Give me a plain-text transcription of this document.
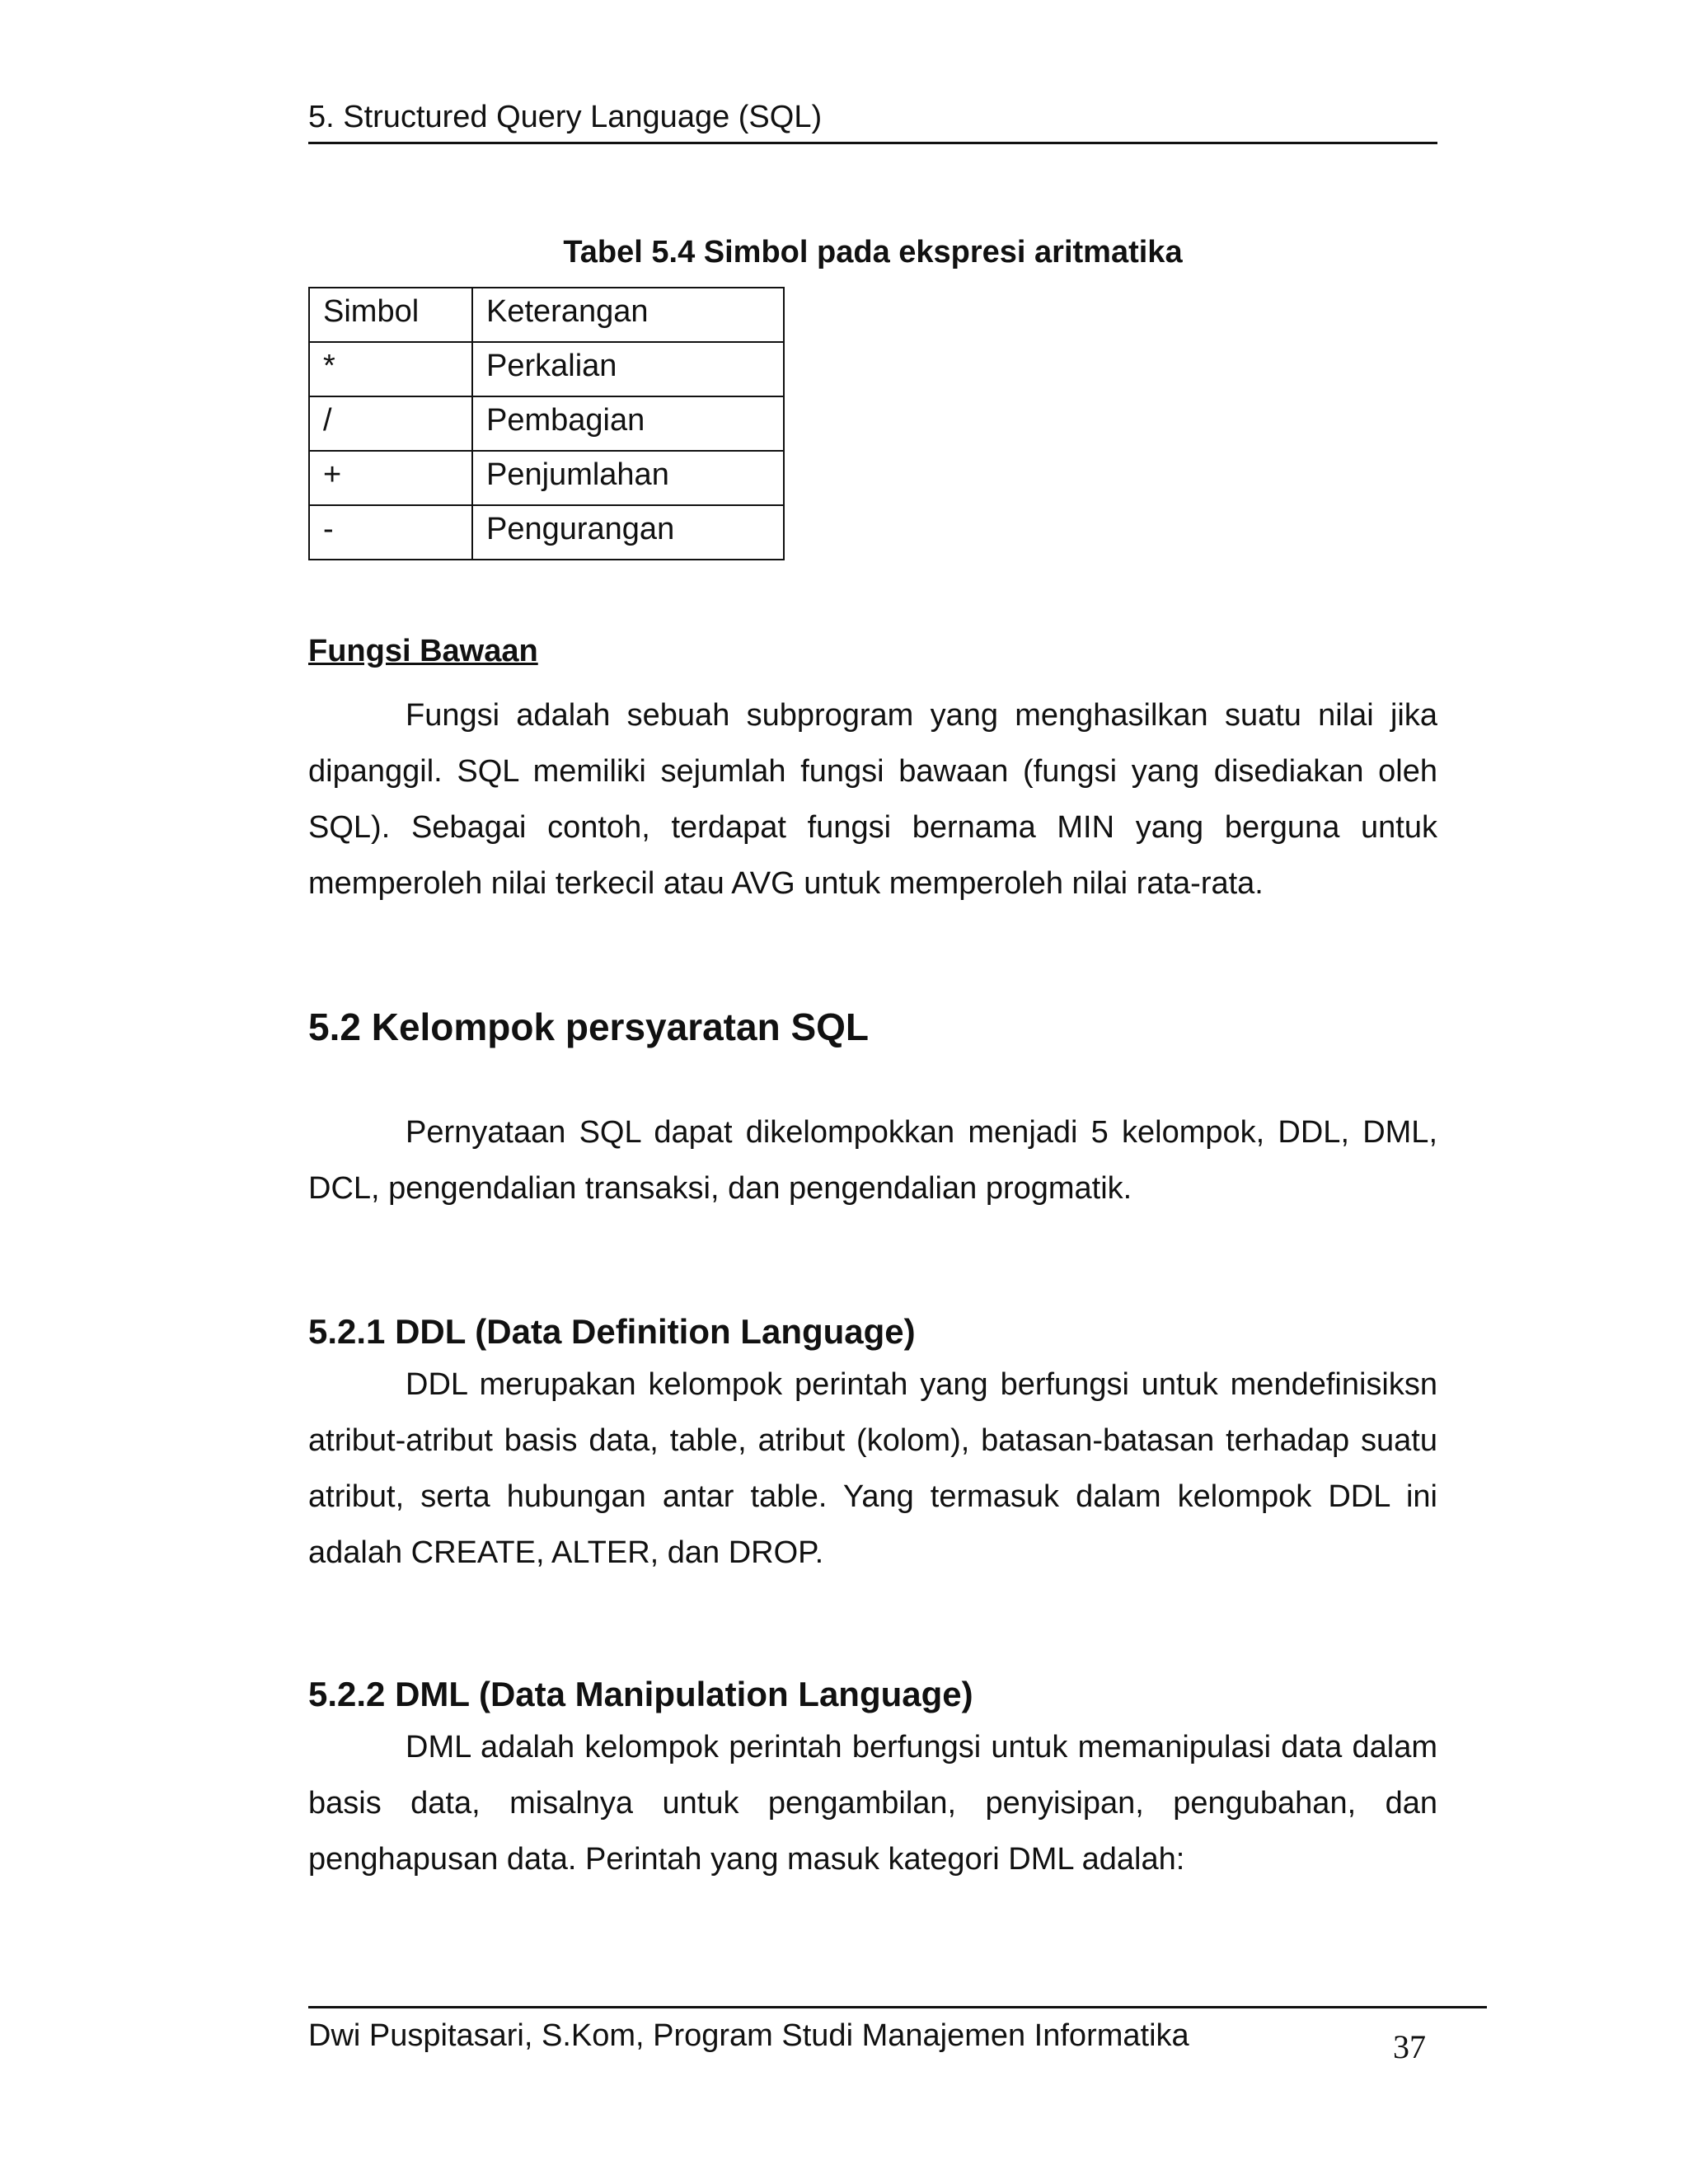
5. Structured Query Language (SQL)
Tabel 5.4 Simbol pada ekspresi aritmatika
Simbol	Keterangan
*	Perkalian
/	Pembagian
+	Penjumlahan
-	Pengurangan
Fungsi Bawaan
Fungsi adalah sebuah subprogram yang menghasilkan suatu nilai jika dipanggil. SQL memiliki sejumlah fungsi bawaan (fungsi yang disediakan oleh SQL). Sebagai contoh, terdapat fungsi bernama MIN yang berguna untuk memperoleh nilai terkecil atau AVG untuk memperoleh nilai rata-rata.
5.2 Kelompok persyaratan SQL
Pernyataan SQL dapat dikelompokkan menjadi 5 kelompok, DDL, DML, DCL, pengendalian transaksi, dan pengendalian progmatik.
5.2.1 DDL (Data Definition Language)
DDL merupakan kelompok perintah yang berfungsi untuk mendefinisiksn atribut-atribut basis data, table, atribut (kolom), batasan-batasan terhadap suatu atribut, serta hubungan antar table. Yang termasuk dalam kelompok DDL ini adalah CREATE, ALTER, dan DROP.
5.2.2 DML (Data Manipulation Language)
DML adalah kelompok perintah berfungsi untuk memanipulasi data dalam basis data, misalnya untuk pengambilan, penyisipan, pengubahan, dan penghapusan data. Perintah yang masuk kategori DML adalah:
Dwi Puspitasari, S.Kom, Program Studi Manajemen Informatika	37
